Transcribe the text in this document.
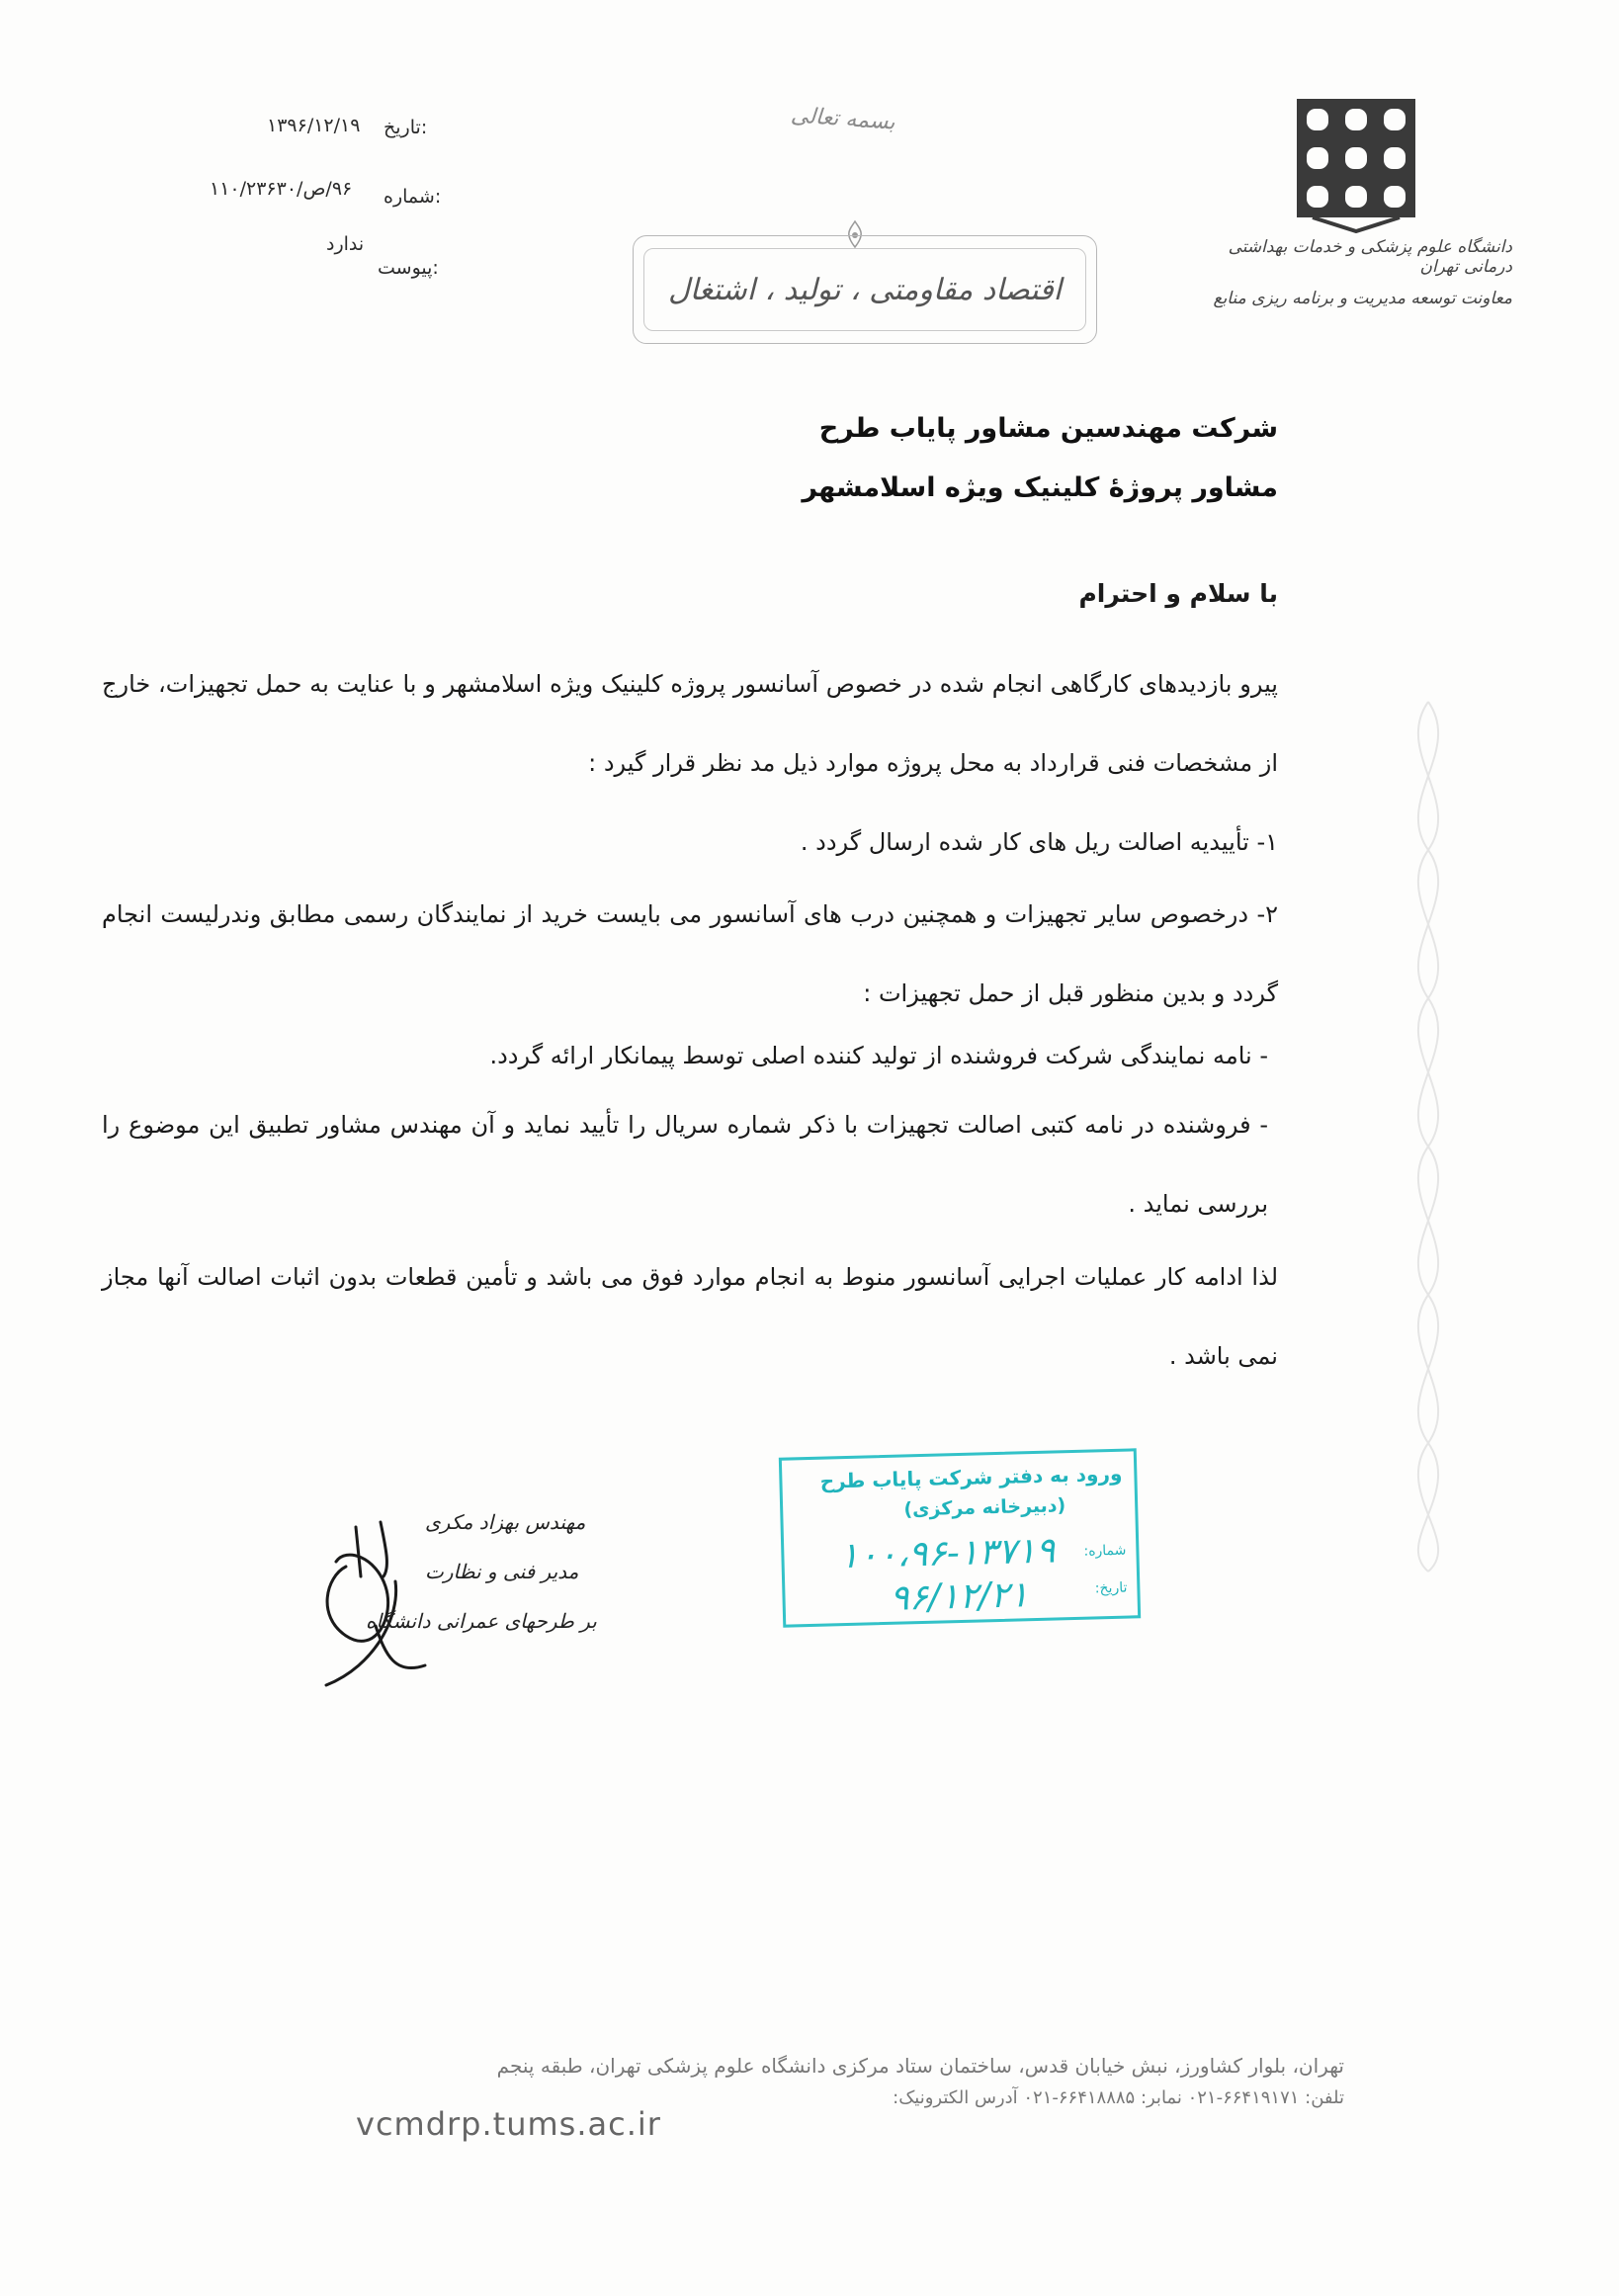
تاریخ:
۱۳۹۶/۱۲/۱۹
شماره:
۹۶/ص/۱۱۰/۲۳۶۳۰
پیوست:
ندارد
بسمه تعالی
اقتصاد مقاومتی ، تولید ، اشتغال
دانشگاه علوم پزشکی و خدمات بهداشتی درمانی تهران
معاونت توسعه مدیریت و برنامه ریزی منابع
شرکت مهندسین مشاور پایاب طرح
مشاور پروژهٔ کلینیک ویژه اسلامشهر
با سلام و احترام
پیرو بازدیدهای کارگاهی انجام شده در خصوص آسانسور پروژه کلینیک ویژه اسلامشهر و با عنایت به حمل تجهیزات، خارج از مشخصات فنی قرارداد به محل پروژه موارد ذیل مد نظر قرار گیرد :
۱- تأییدیه اصالت ریل های کار شده ارسال گردد .
۲- درخصوص سایر تجهیزات و همچنین درب های آسانسور می بایست خرید از نمایندگان رسمی مطابق وندرلیست انجام گردد و بدین منظور قبل از حمل تجهیزات :
- نامه نمایندگی شرکت فروشنده از تولید کننده اصلی توسط پیمانکار ارائه گردد.
- فروشنده در نامه کتبی اصالت تجهیزات با ذکر شماره سریال را تأیید نماید و آن مهندس مشاور تطبیق این موضوع را بررسی نماید .
لذا ادامه کار عملیات اجرایی آسانسور منوط به انجام موارد فوق می باشد و تأمین قطعات بدون اثبات اصالت آنها مجاز نمی باشد .
ورود به دفتر شرکت پایاب طرح
(دبیرخانه مرکزی)
شماره:
۱۰۰،۹۶-۱۳۷۱۹
تاریخ:
۹۶/۱۲/۲۱
مهندس بهزاد مکری
مدیر فنی و نظارت
بر طرحهای عمرانی دانشگاه
تهران، بلوار کشاورز، نبش خیابان قدس، ساختمان ستاد مرکزی دانشگاه علوم پزشکی تهران، طبقه پنجم
تلفن: ۶۶۴۱۹۱۷۱-۰۲۱ نمابر: ۶۶۴۱۸۸۸۵-۰۲۱ آدرس الکترونیک:
vcmdrp.tums.ac.ir
